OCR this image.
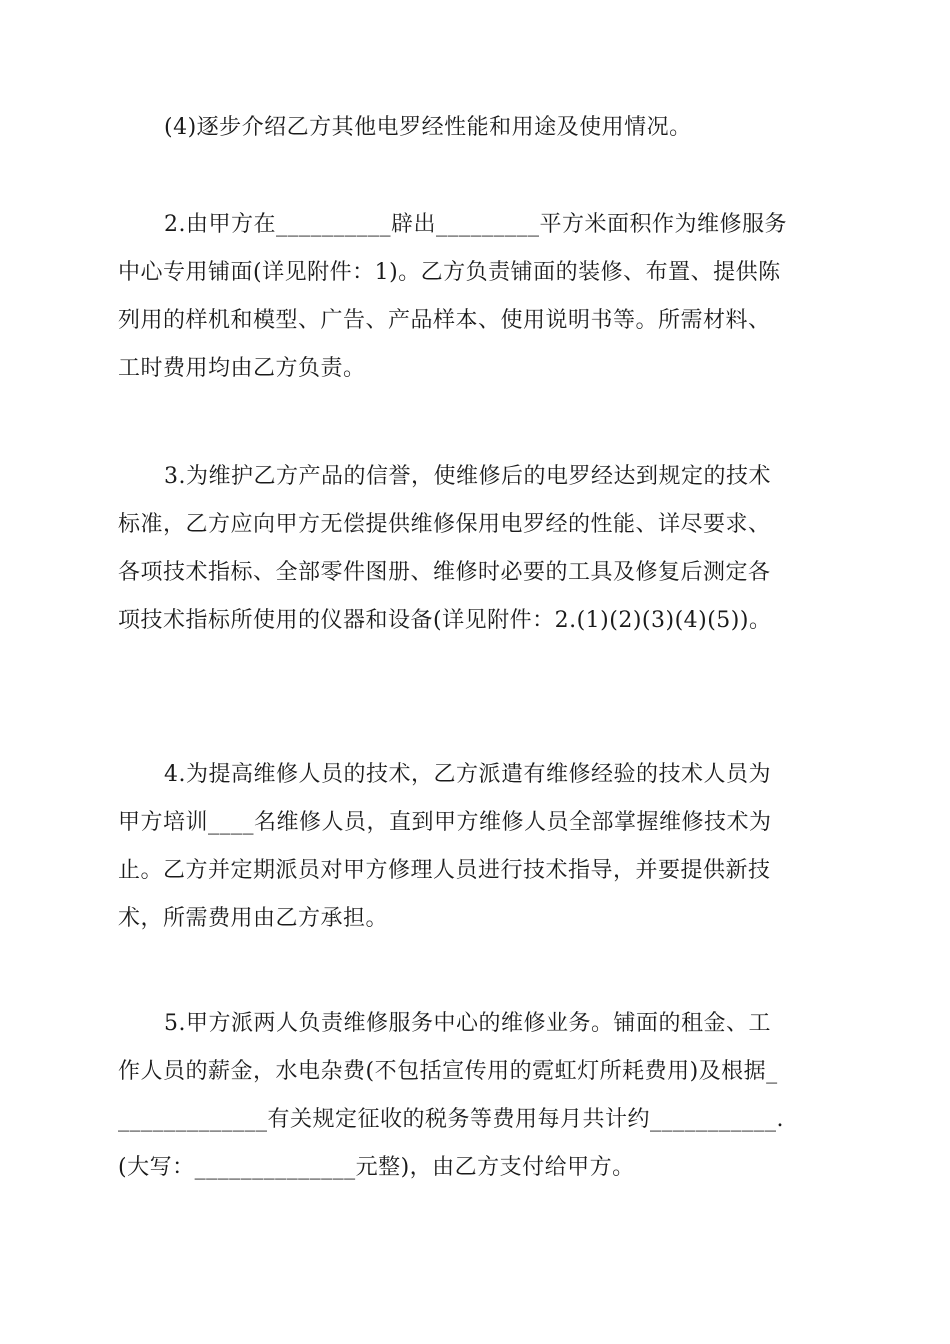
(4)逐步介绍乙方其他电罗经性能和用途及使用情况。
2.由甲方在__________辟出_________平方米面积作为维修服务
中心专用铺面(详见附件：1)。乙方负责铺面的装修、布置、提供陈
列用的样机和模型、广告、产品样本、使用说明书等。所需材料、
工时费用均由乙方负责。
3.为维护乙方产品的信誉，使维修后的电罗经达到规定的技术
标准，乙方应向甲方无偿提供维修保用电罗经的性能、详尽要求、
各项技术指标、全部零件图册、维修时必要的工具及修复后测定各
项技术指标所使用的仪器和设备(详见附件：2.(1)(2)(3)(4)(5))。
4.为提高维修人员的技术，乙方派遣有维修经验的技术人员为
甲方培训____名维修人员，直到甲方维修人员全部掌握维修技术为
止。乙方并定期派员对甲方修理人员进行技术指导，并要提供新技
术，所需费用由乙方承担。
5.甲方派两人负责维修服务中心的维修业务。铺面的租金、工
作人员的薪金，水电杂费(不包括宣传用的霓虹灯所耗费用)及根据_
_____________有关规定征收的税务等费用每月共计约___________.
(大写：______________元整)，由乙方支付给甲方。
